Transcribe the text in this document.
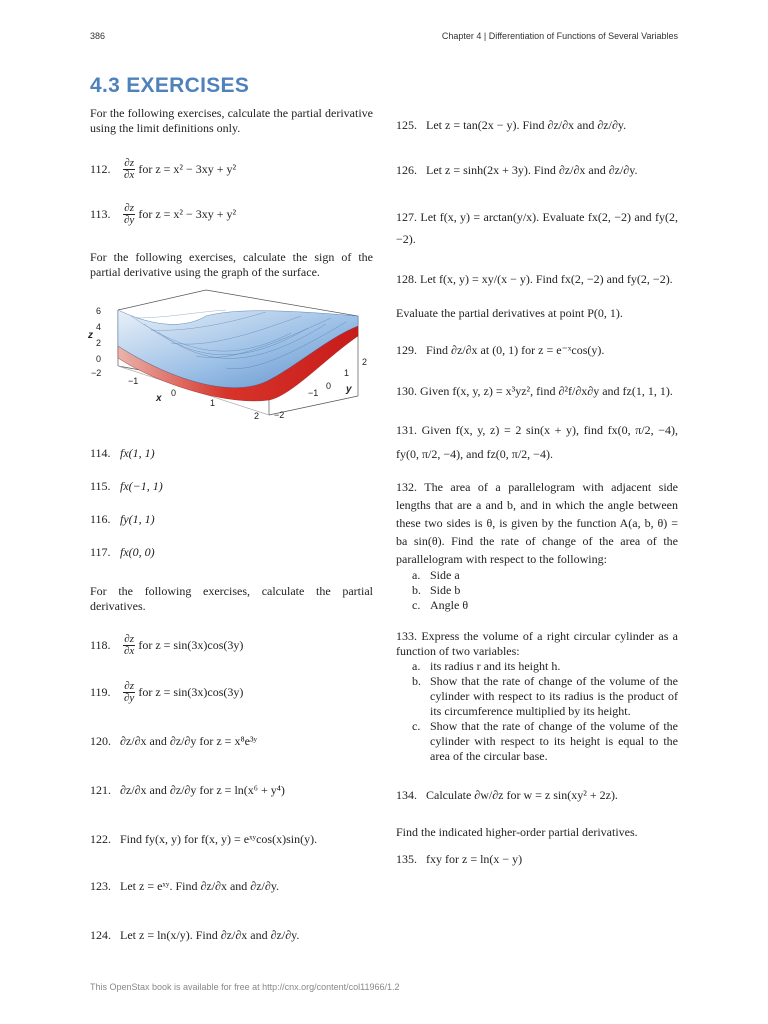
386	Chapter 4 | Differentiation of Functions of Several Variables
4.3 EXERCISES

For the following exercises, calculate the partial derivative using the limit definitions only.

112.	$\frac{\partial z}{\partial x}$ for z = x² − 3xy + y²
113.	$\frac{\partial z}{\partial y}$ for z = x² − 3xy + y²

For the following exercises, calculate the sign of the partial derivative using the graph of the surface.

6
4
2
0
z
−2
−1
0
1
2
x
−2
−1
0
1
2
y
114. fx(1, 1)
115. fx(−1, 1)
116. fy(1, 1)
117. fx(0, 0)

For the following exercises, calculate the partial derivatives.

118.	$\frac{\partial z}{\partial x}$ for z = sin(3x)cos(3y)
119.	$\frac{\partial z}{\partial y}$ for z = sin(3x)cos(3y)
120. ∂z/∂x and ∂z/∂y for z = x⁸e³ʸ
121. ∂z/∂x and ∂z/∂y for z = ln(x⁶ + y⁴)
122. Find fy(x, y) for f(x, y) = eˣʸcos(x)sin(y).
123. Let z = eˣʸ. Find ∂z/∂x and ∂z/∂y.
124. Let z = ln(x/y). Find ∂z/∂x and ∂z/∂y.
125. Let z = tan(2x − y). Find ∂z/∂x and ∂z/∂y.
126. Let z = sinh(2x + 3y). Find ∂z/∂x and ∂z/∂y.

127. Let f(x, y) = arctan(y/x). Evaluate fx(2, −2) and fy(2, −2).

128. Let f(x, y) = xy/(x − y). Find fx(2, −2) and fy(2, −2).

Evaluate the partial derivatives at point P(0, 1).

129. Find ∂z/∂x at (0, 1) for z = e⁻ˣcos(y).

130. Given f(x, y, z) = x³yz², find ∂²f/∂x∂y and fz(1, 1, 1).

131. Given f(x, y, z) = 2 sin(x + y), find fx(0, π/2, −4), fy(0, π/2, −4), and fz(0, π/2, −4).

132. The area of a parallelogram with adjacent side lengths that are a and b, and in which the angle between these two sides is θ, is given by the function A(a, b, θ) = ba sin(θ). Find the rate of change of the area of the parallelogram with respect to the following:

a. Side a
b. Side b
c. Angle θ

133. Express the volume of a right circular cylinder as a function of two variables:

a. its radius r and its height h.
b. Show that the rate of change of the volume of the cylinder with respect to its radius is the product of its circumference multiplied by its height.
c. Show that the rate of change of the volume of the cylinder with respect to its height is equal to the area of the circular base.
134. Calculate ∂w/∂z for w = z sin(xy² + 2z).

Find the indicated higher-order partial derivatives.

135. fxy for z = ln(x − y)
This OpenStax book is available for free at http://cnx.org/content/col11966/1.2
